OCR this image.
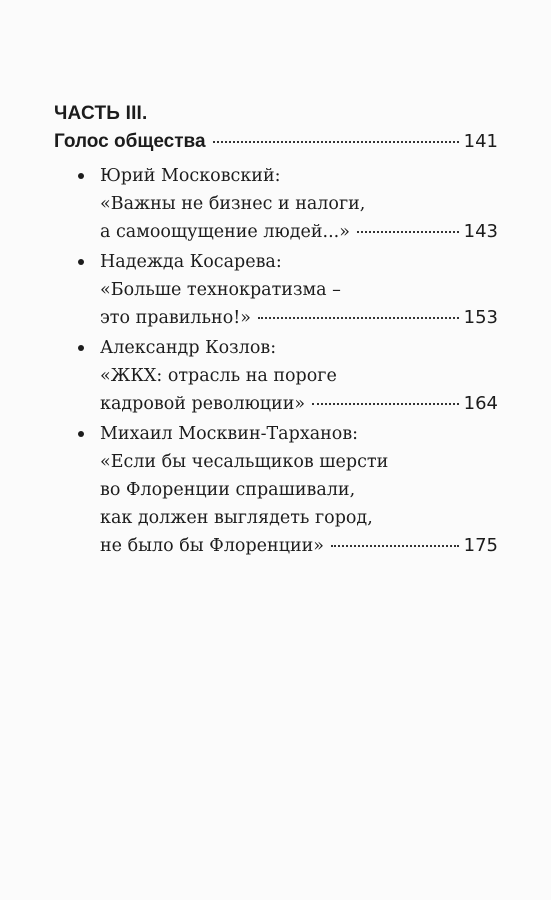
ЧАСТЬ III.
Голос общества	141
Юрий Московский:
«Важны не бизнес и налоги,
а самоощущение людей...»	143
Надежда Косарева:
«Больше технократизма –
это правильно!»	153
Александр Козлов:
«ЖКХ: отрасль на пороге
кадровой революции»	164
Михаил Москвин-Тарханов:
«Если бы чесальщиков шерсти
во Флоренции спрашивали,
как должен выглядеть город,
не было бы Флоренции»	175
